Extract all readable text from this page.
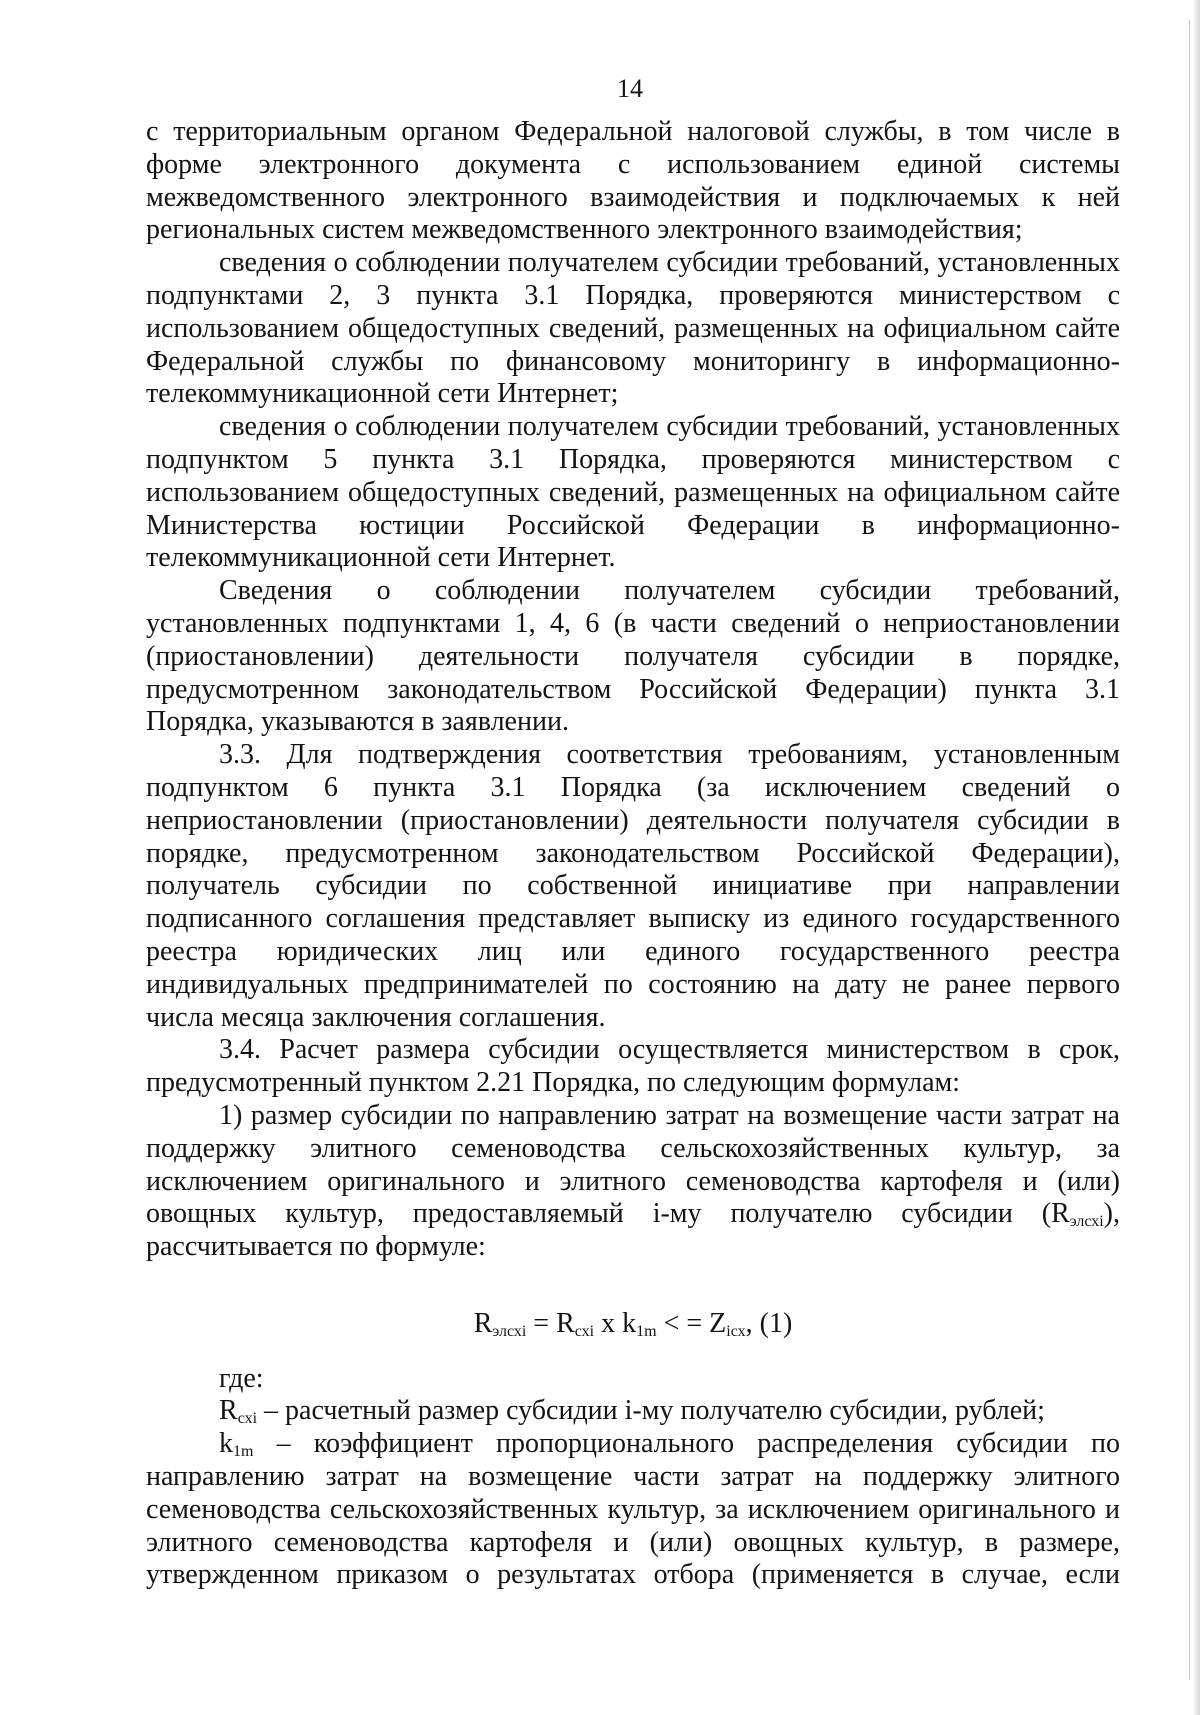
14

с территориальным органом Федеральной налоговой службы, в том числе в форме электронного документа с использованием единой системы межведомственного электронного взаимодействия и подключаемых к ней региональных систем межведомственного электронного взаимодействия;

сведения о соблюдении получателем субсидии требований, установленных подпунктами 2, 3 пункта 3.1 Порядка, проверяются министерством с использованием общедоступных сведений, размещенных на официальном сайте Федеральной службы по финансовому мониторингу в информационно-телекоммуникационной сети Интернет;

сведения о соблюдении получателем субсидии требований, установленных подпунктом 5 пункта 3.1 Порядка, проверяются министерством с использованием общедоступных сведений, размещенных на официальном сайте Министерства юстиции Российской Федерации в информационно-телекоммуникационной сети Интернет.

Сведения о соблюдении получателем субсидии требований, установленных подпунктами 1, 4, 6 (в части сведений о неприостановлении (приостановлении) деятельности получателя субсидии в порядке, предусмотренном законодательством Российской Федерации) пункта 3.1 Порядка, указываются в заявлении.

3.3. Для подтверждения соответствия требованиям, установленным подпунктом 6 пункта 3.1 Порядка (за исключением сведений о неприостановлении (приостановлении) деятельности получателя субсидии в порядке, предусмотренном законодательством Российской Федерации), получатель субсидии по собственной инициативе при направлении подписанного соглашения представляет выписку из единого государственного реестра юридических лиц или единого государственного реестра индивидуальных предпринимателей по состоянию на дату не ранее первого числа месяца заключения соглашения.

3.4. Расчет размера субсидии осуществляется министерством в срок, предусмотренный пунктом 2.21 Порядка, по следующим формулам:

1) размер субсидии по направлению затрат на возмещение части затрат на поддержку элитного семеноводства сельскохозяйственных культур, за исключением оригинального и элитного семеноводства картофеля и (или) овощных культур, предоставляемый i-му получателю субсидии $(R_{элсхi})$,

рассчитывается по формуле:

$R_{элсхi} = R_{схi}$ x $k_{1m}$ < = $Z_{iсх}$, (1)

где:

$R_{схi}$ – расчетный размер субсидии i-му получателю субсидии, рублей;

$k_{1m}$ – коэффициент пропорционального распределения субсидии по направлению затрат на возмещение части затрат на поддержку элитного семеноводства сельскохозяйственных культур, за исключением оригинального и элитного семеноводства картофеля и (или) овощных культур, в размере, утвержденном приказом о результатах отбора (применяется в случае, если
